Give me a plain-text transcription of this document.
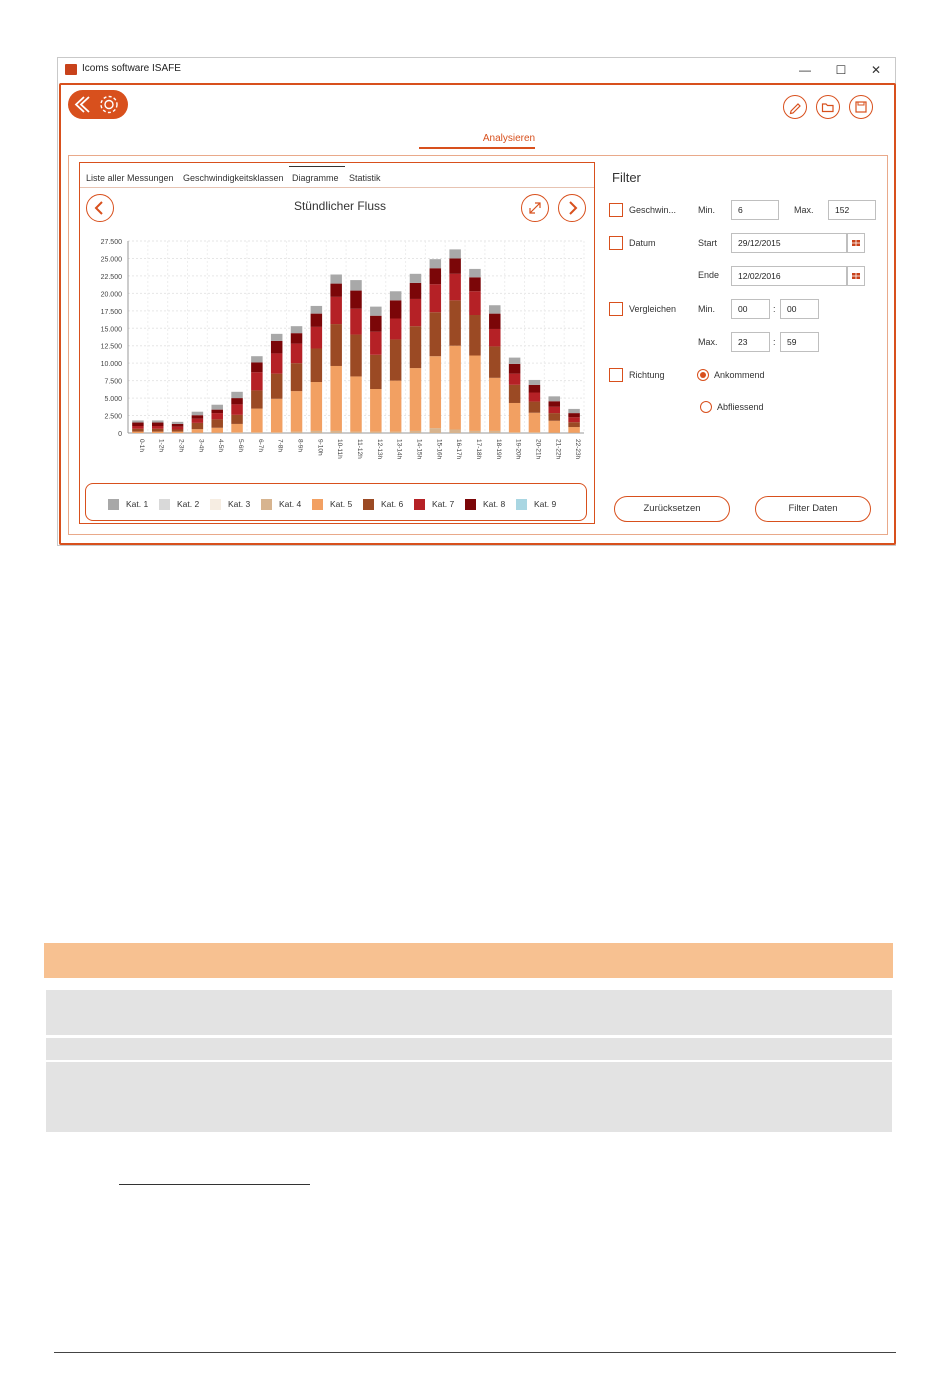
Icoms software ISAFE	—	☐	✕
Analysieren
Liste aller Messungen Geschwindigkeitsklassen Diagramme Statistik
Stündlicher Fluss
0
2.500
5.000
7.500
10.000
12.500
15.000
17.500
20.000
22.500
25.000
27.500
0-1h 1-2h 2-3h 3-4h 4-5h 5-6h 6-7h 7-8h 8-9h 9-10h 10-11h 11-12h 12-13h 13-14h 14-15h 15-16h 16-17h 17-18h 18-19h 19-20h 20-21h 21-22h 22-23h
Kat. 1	Kat. 2	Kat. 3	Kat. 4	Kat. 5	Kat. 6	Kat. 7	Kat. 8	Kat. 9
Filter
Geschwin... Min.	6	Max.	152
Datum	Start	29/12/2015
Ende	12/02/2016
Vergleichen Min.	00	:	00
Max.	23	:	59
Richtung	Ankommend
Abfliessend
Zurücksetzen	Filter Daten
